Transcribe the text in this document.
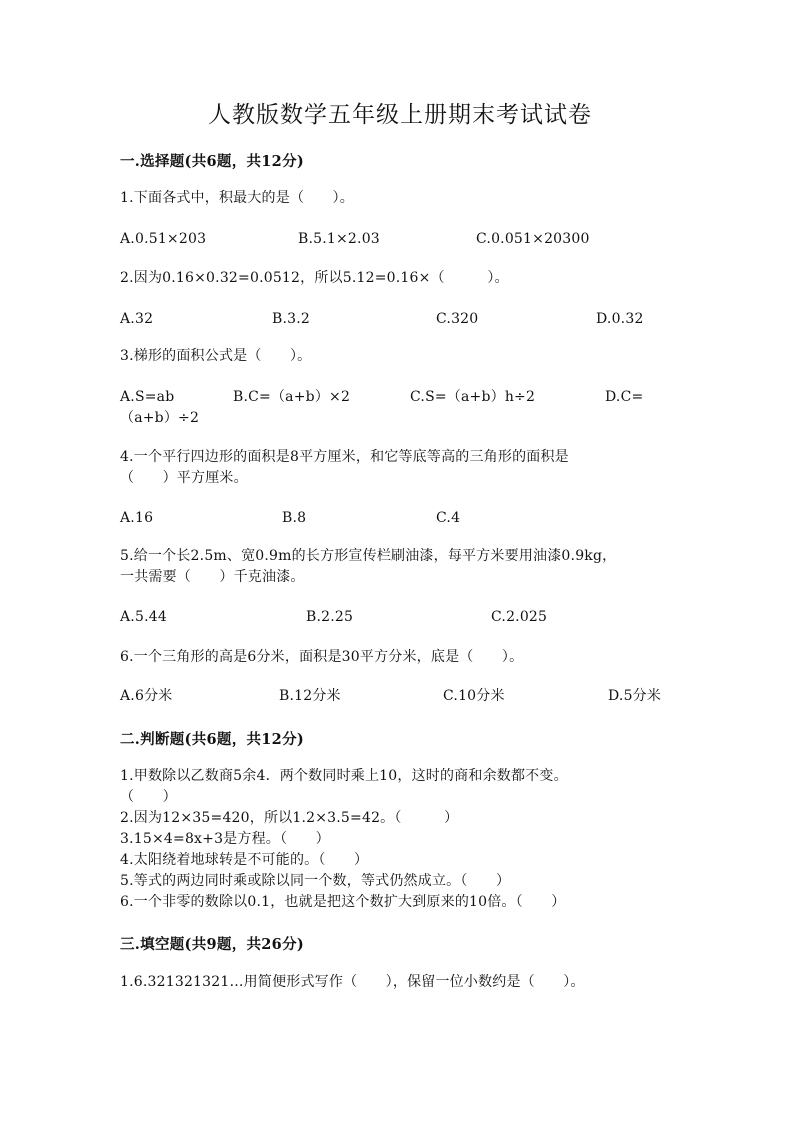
人教版数学五年级上册期末考试试卷
一.选择题(共6题，共12分)
1.下面各式中，积最大的是（　　）。
A.0.51×203	B.5.1×2.03	C.0.051×20300
2.因为0.16×0.32=0.0512，所以5.12=0.16×（　　　）。
A.32	B.3.2	C.320	D.0.32
3.梯形的面积公式是（　　）。
A.S=ab	B.C=（a+b）×2	C.S=（a+b）h÷2	D.C=
（a+b）÷2
4.一个平行四边形的面积是8平方厘米，和它等底等高的三角形的面积是
（　　）平方厘米。
A.16	B.8	C.4
5.给一个长2.5m、宽0.9m的长方形宣传栏刷油漆，每平方米要用油漆0.9kg，
一共需要（　　）千克油漆。
A.5.44	B.2.25	C.2.025
6.一个三角形的高是6分米，面积是30平方分米，底是（　　）。
A.6分米	B.12分米	C.10分米	D.5分米
二.判断题(共6题，共12分)
1.甲数除以乙数商5余4．两个数同时乘上10，这时的商和余数都不变。
（　　）
2.因为12×35=420，所以1.2×3.5=42。（　　　）
3.15×4=8x+3是方程。（　　）
4.太阳绕着地球转是不可能的。（　　）
5.等式的两边同时乘或除以同一个数，等式仍然成立。（　　）
6.一个非零的数除以0.1，也就是把这个数扩大到原来的10倍。（　　）
三.填空题(共9题，共26分)
1.6.321321321…用简便形式写作（　　），保留一位小数约是（　　）。
